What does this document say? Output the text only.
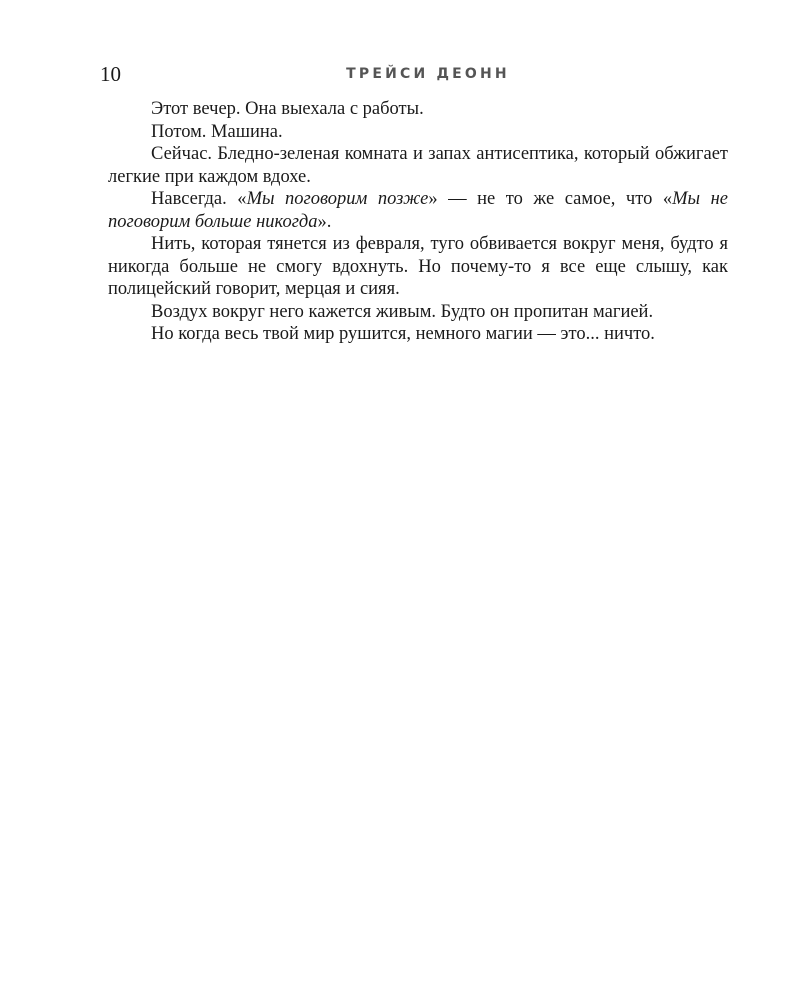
10	ТРЕЙСИ ДЕОНН

Этот вечер. Она выехала с работы.

Потом. Машина.

Сейчас. Бледно-зеленая комната и запах антисептика, который обжигает легкие при каждом вдохе.

Навсегда. «Мы поговорим позже» — не то же самое, что «Мы не поговорим больше никогда».

Нить, которая тянется из февраля, туго обвивается вокруг меня, будто я никогда больше не смогу вдохнуть. Но почему-то я все еще слышу, как полицейский говорит, мерцая и сияя.

Воздух вокруг него кажется живым. Будто он пропитан магией.

Но когда весь твой мир рушится, немного магии — это... ничто.
